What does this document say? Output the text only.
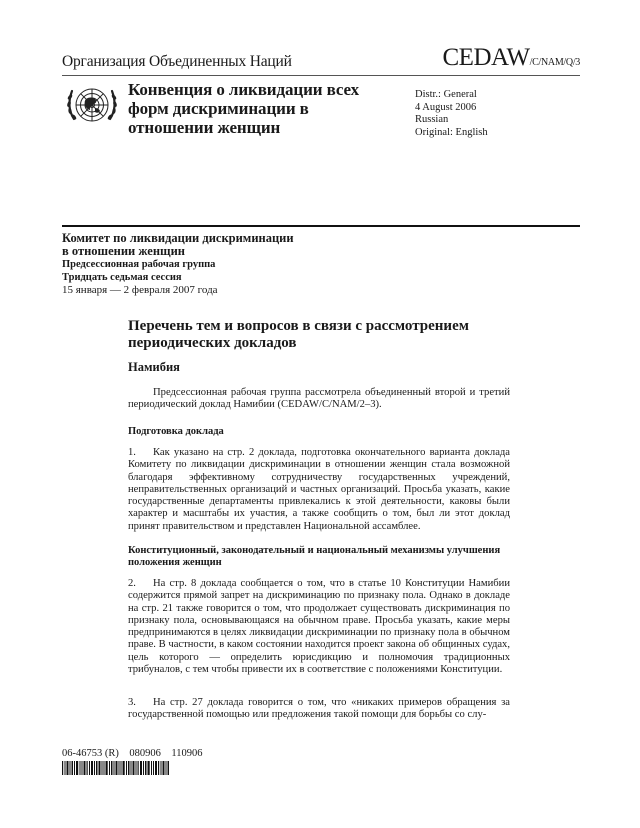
Организация Объединенных Наций	CEDAW/C/NAM/Q/3
Конвенция о ликвидации всех
форм дискриминации в
отношении женщин
Distr.: General
4 August 2006
Russian
Original: English
Комитет по ликвидации дискриминации
в отношении женщин
Предсессионная рабочая группа
Тридцать седьмая сессия
15 января — 2 февраля 2007 года
Перечень тем и вопросов в связи с рассмотрением
периодических докладов
Намибия
Предсессионная рабочая группа рассмотрела объединенный второй и третий периодический доклад Намибии (CEDAW/C/NAM/2–3).
Подготовка доклада
1. Как указано на стр. 2 доклада, подготовка окончательного варианта доклада Комитету по ликвидации дискриминации в отношении женщин стала возможной благодаря эффективному сотрудничеству государственных учреждений, неправительственных организаций и частных организаций. Просьба указать, какие государственные департаменты привлекались к этой деятельности, каковы были характер и масштабы их участия, а также сообщить о том, был ли этот доклад принят правительством и представлен Национальной ассамблее.
Конституционный, законодательный и национальный механизмы улучшения положения женщин
2. На стр. 8 доклада сообщается о том, что в статье 10 Конституции Намибии содержится прямой запрет на дискриминацию по признаку пола. Однако в докладе на стр. 21 также говорится о том, что продолжает существовать дискриминация по признаку пола, основывающаяся на обычном праве. Просьба указать, какие меры предпринимаются в целях ликвидации дискриминации по признаку пола в обычном праве. В частности, в каком состоянии находится проект закона об общинных судах, цель которого — определить юрисдикцию и полномочия традиционных трибуналов, с тем чтобы привести их в соответствие с положениями Конституции.
3. На стр. 27 доклада говорится о том, что «никаких примеров обращения за государственной помощью или предложения такой помощи для борьбы со слу-
06-46753 (R)    080906    110906
